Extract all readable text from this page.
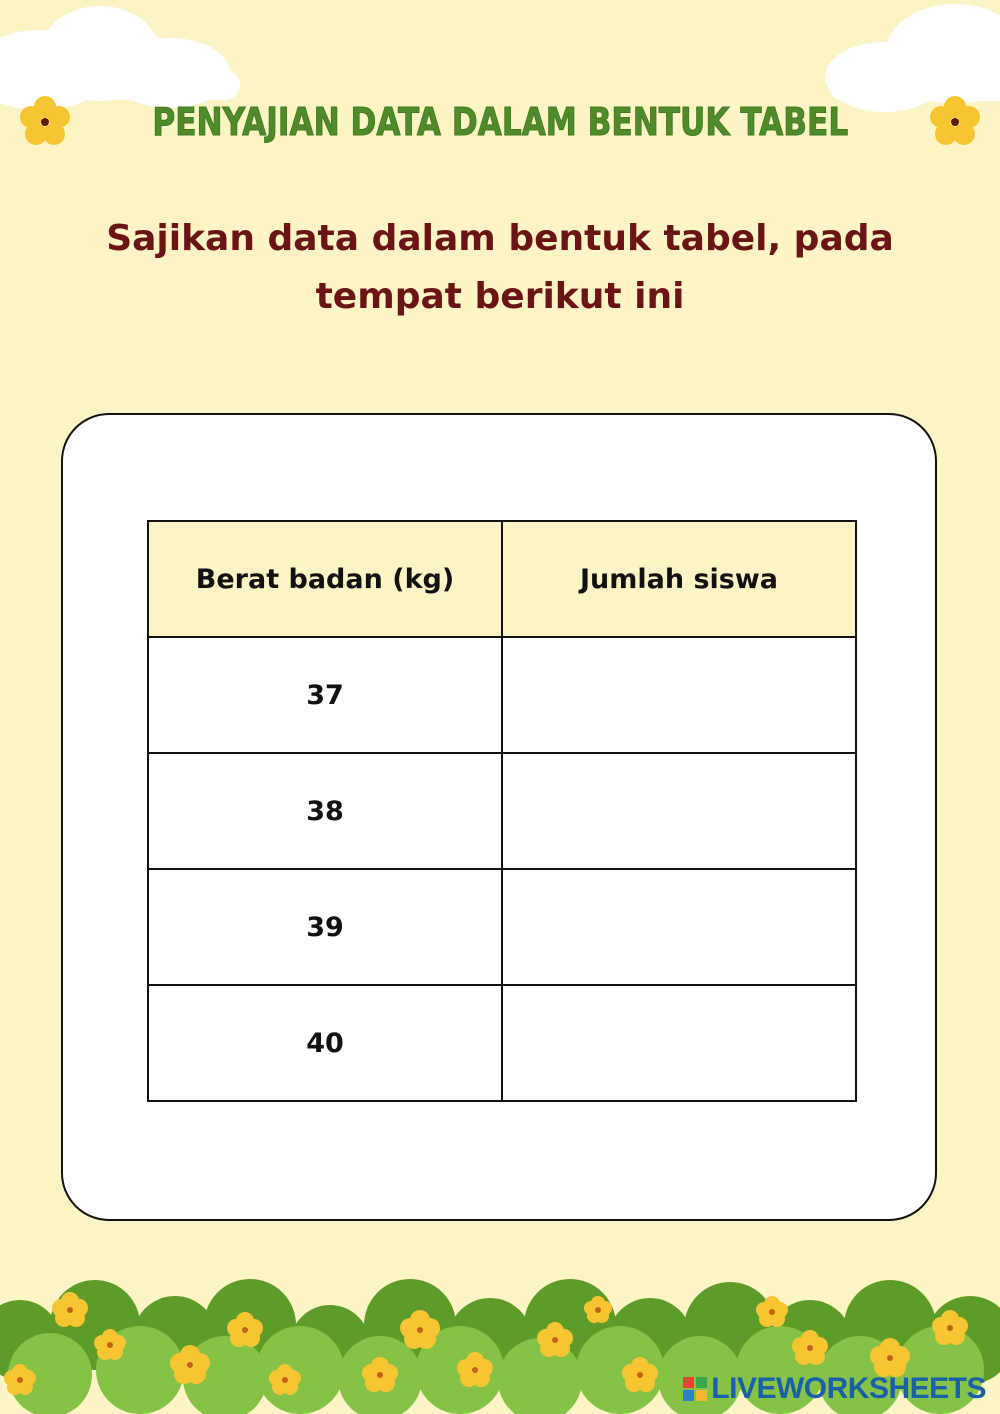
PENYAJIAN DATA DALAM BENTUK TABEL
Sajikan data dalam bentuk tabel, pada
tempat berikut ini
Berat badan (kg)	Jumlah siswa
37	
38	
39	
40	
LIVEWORKSHEETS
